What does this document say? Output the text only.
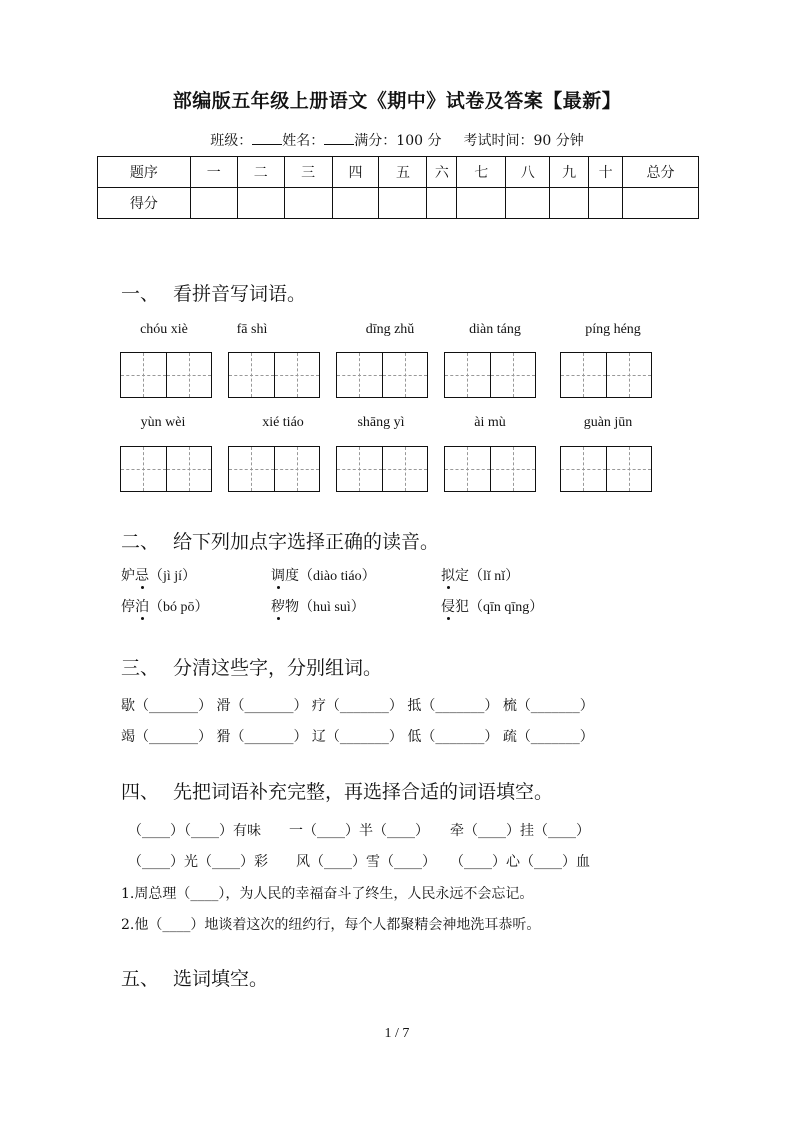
部编版五年级上册语文《期中》试卷及答案【最新】
班级： 姓名： 满分：100 分 考试时间：90 分钟
题序	一	二	三	四	五	六	七	八	九	十	总分
得分											
一、 看拼音写词语。
chóu xiè	fā shì	dīng zhǔ	diàn táng	píng héng
yùn wèi	xié tiáo	shāng yì	ài mù	guàn jūn
二、 给下列加点字选择正确的读音。
妒忌（jì jí）	调度（diào tiáo）	拟定（lǐ nǐ）
停泊（bó pō）	秽物（huì suì）	侵犯（qīn qīng）
三、 分清这些字，分别组词。
歇（_______） 滑（_______） 疗（_______） 抵（_______） 梳（_______）
竭（_______） 猾（_______） 辽（_______） 低（_______） 疏（_______）
四、 先把词语补充完整，再选择合适的词语填空。
（____）（____）有味　　一（____）半（____）　　牵（____）挂（____）
（____）光（____）彩　　风（____）雪（____）　　（____）心（____）血
1.周总理（____），为人民的幸福奋斗了终生，人民永远不会忘记。
2.他（____）地谈着这次的纽约行，每个人都聚精会神地洗耳恭听。
五、 选词填空。
1 / 7
